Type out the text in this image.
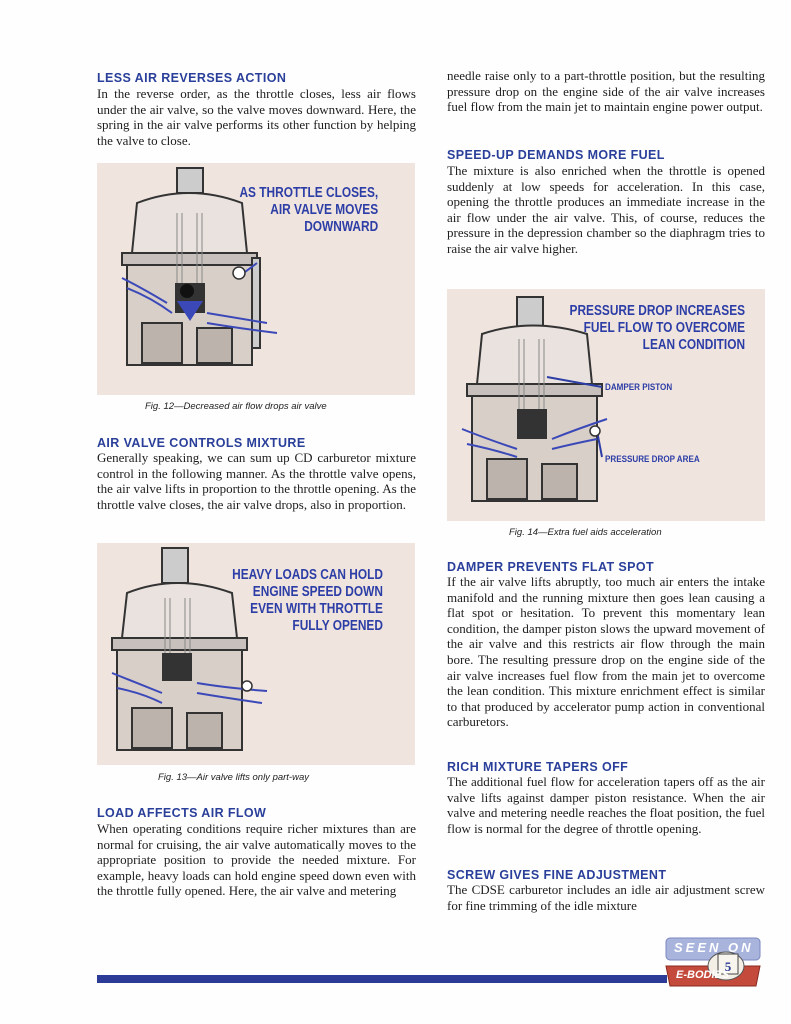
LESS AIR REVERSES ACTION

In the reverse order, as the throttle closes, less air flows under the air valve, so the valve moves downward. Here, the spring in the air valve performs its other function by helping the valve to close.

AS THROTTLE CLOSES,
AIR VALVE MOVES
DOWNWARD
Fig. 12—Decreased air flow drops air valve
AIR VALVE CONTROLS MIXTURE

Generally speaking, we can sum up CD carburetor mixture control in the following manner. As the throttle valve opens, the air valve lifts in proportion to the throttle opening. As the throttle valve closes, the air valve drops, also in proportion.

HEAVY LOADS CAN HOLD
ENGINE SPEED DOWN
EVEN WITH THROTTLE
FULLY OPENED
Fig. 13—Air valve lifts only part-way
LOAD AFFECTS AIR FLOW

When operating conditions require richer mixtures than are normal for cruising, the air valve automatically moves to the appropriate position to provide the needed mixture. For example, heavy loads can hold engine speed down even with the throttle fully opened. Here, the air valve and metering

needle raise only to a part-throttle position, but the resulting pressure drop on the engine side of the air valve increases fuel flow from the main jet to maintain engine power output.

SPEED-UP DEMANDS MORE FUEL

The mixture is also enriched when the throttle is opened suddenly at low speeds for acceleration. In this case, opening the throttle produces an immediate increase in the air flow under the air valve. This, of course, reduces the pressure in the depression chamber so the diaphragm tries to raise the air valve higher.

PRESSURE DROP INCREASES
FUEL FLOW TO OVERCOME
LEAN CONDITION
DAMPER PISTON
PRESSURE DROP AREA
Fig. 14—Extra fuel aids acceleration
DAMPER PREVENTS FLAT SPOT

If the air valve lifts abruptly, too much air enters the intake manifold and the running mixture then goes lean causing a flat spot or hesitation. To prevent this momentary lean condition, the damper piston slows the upward movement of the air valve and this restricts air flow through the main bore. The resulting pressure drop on the engine side of the air valve increases fuel flow from the main jet to overcome the lean condition. This mixture enrichment effect is similar to that produced by accelerator pump action in conventional carburetors.

RICH MIXTURE TAPERS OFF

The additional fuel flow for acceleration tapers off as the air valve lifts against damper piston resistance. When the air valve and metering needle reaches the float position, the fuel flow is normal for the degree of throttle opening.

SCREW GIVES FINE ADJUSTMENT

The CDSE carburetor includes an idle air adjustment screw for fine trimming of the idle mixture

SEEN ON
E-BODIES
5
